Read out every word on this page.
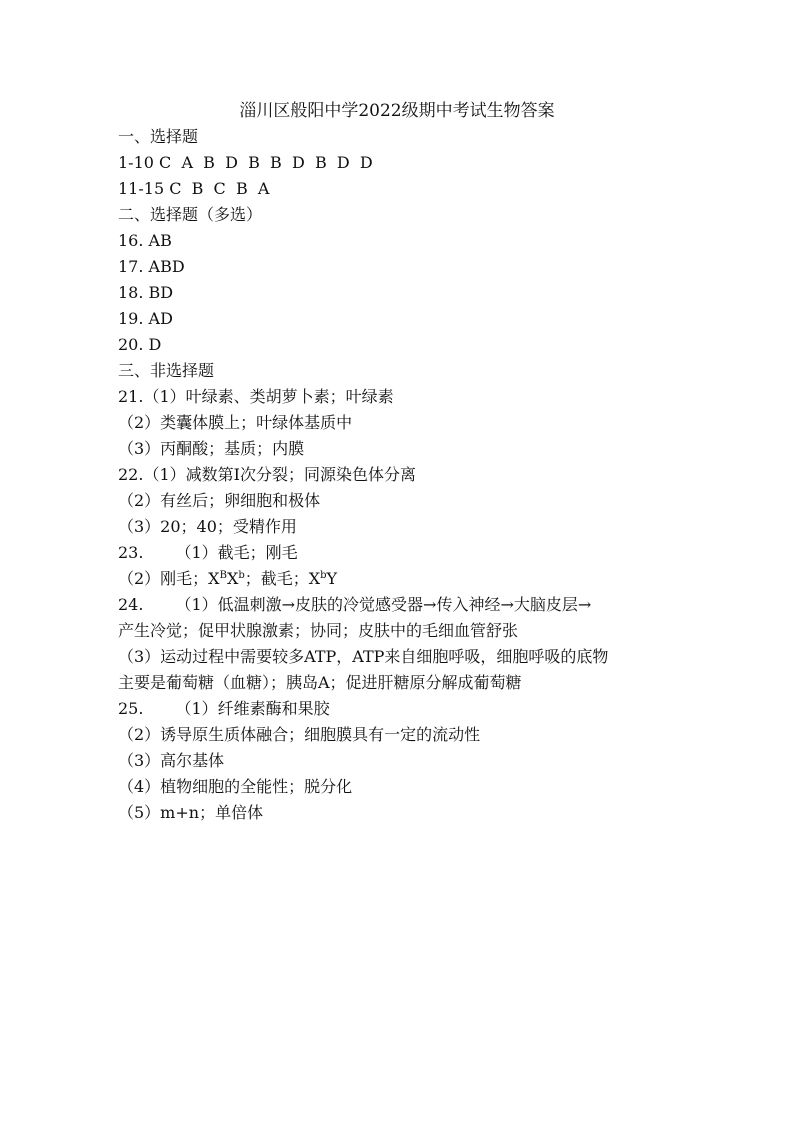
淄川区般阳中学2022级期中考试生物答案
一、选择题
1-10 C  A  B  D  B  B  D  B  D  D
11-15 C  B  C  B  A
二、选择题（多选）
16. AB
17. ABD
18. BD
19. AD
20. D
三、非选择题
21.（1）叶绿素、类胡萝卜素；叶绿素
（2）类囊体膜上；叶绿体基质中
（3）丙酮酸；基质；内膜
22.（1）减数第Ⅰ次分裂；同源染色体分离
（2）有丝后；卵细胞和极体
（3）20；40；受精作用
23. （1）截毛；刚毛
（2）刚毛；$X^BX^b$；截毛；$X^bY$
24. （1）低温刺激→皮肤的冷觉感受器→传入神经→大脑皮层→
产生冷觉；促甲状腺激素；协同；皮肤中的毛细血管舒张
（3）运动过程中需要较多ATP，ATP来自细胞呼吸，细胞呼吸的底物
主要是葡萄糖（血糖）；胰岛A；促进肝糖原分解成葡萄糖
25. （1）纤维素酶和果胶
（2）诱导原生质体融合；细胞膜具有一定的流动性
（3）高尔基体
（4）植物细胞的全能性；脱分化
（5）m+n；单倍体
